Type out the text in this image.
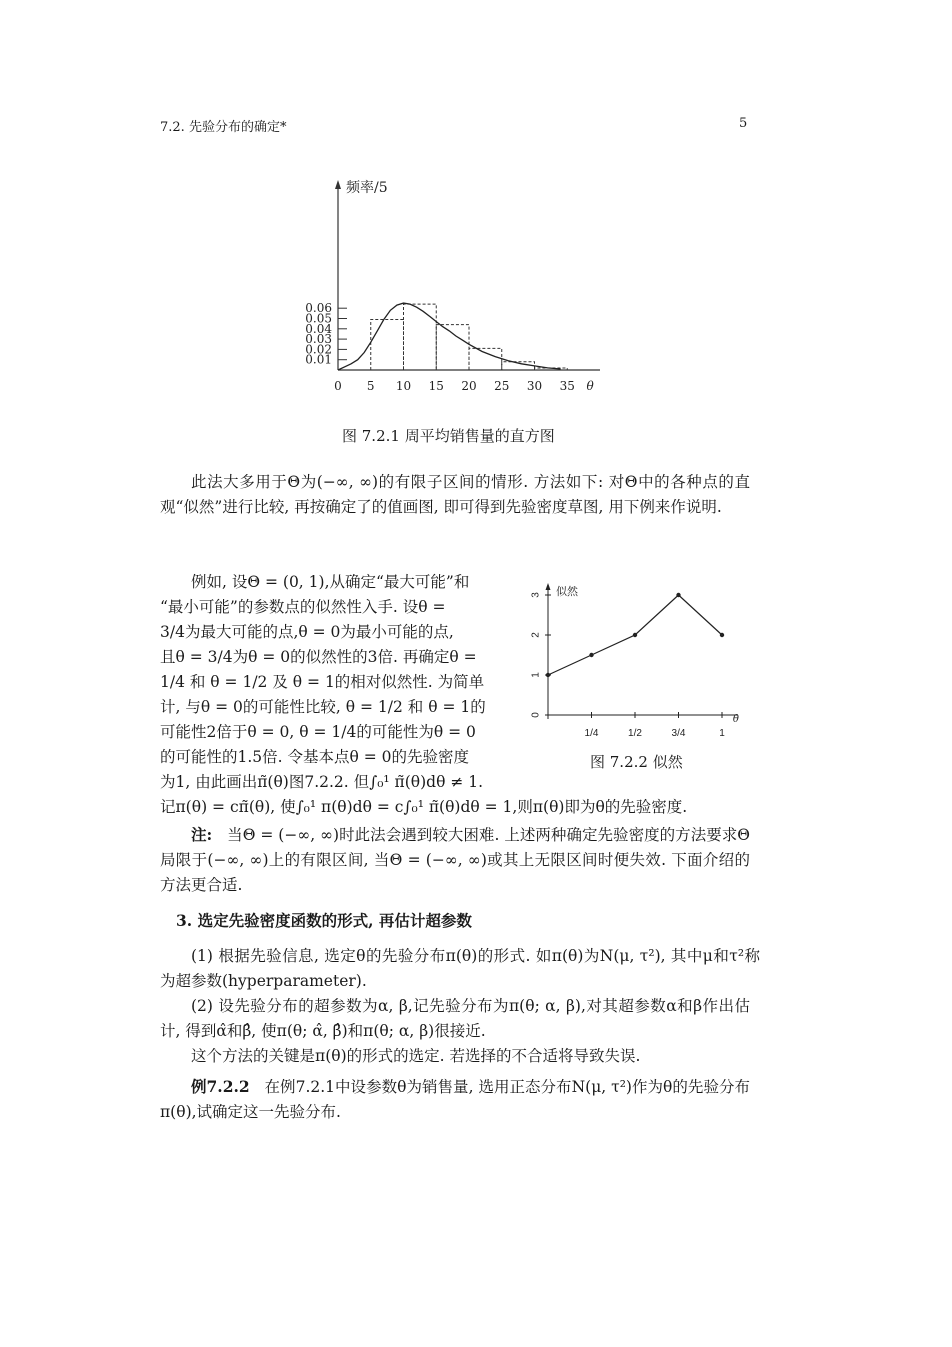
7.2. 先验分布的确定*	5
频率/5
0.01
0.02
0.03
0.04
0.05
0.06
0 5 10 15 20 25 30 35 θ
图 7.2.1 周平均销售量的直方图
此法大多用于Θ为(−∞, ∞)的有限子区间的情形. 方法如下: 对Θ中的各种点的直观“似然”进行比较, 再按确定了的值画图, 即可得到先验密度草图, 用下例来作说明.
例如, 设Θ = (0, 1),从确定“最大可能”和
“最小可能”的参数点的似然性入手. 设θ =
3/4为最大可能的点,θ = 0为最小可能的点,
且θ = 3/4为θ = 0的似然性的3倍. 再确定θ =
1/4 和 θ = 1/2 及 θ = 1的相对似然性. 为简单
计, 与θ = 0的可能性比较, θ = 1/2 和 θ = 1的
可能性2倍于θ = 0, θ = 1/4的可能性为θ = 0
的可能性的1.5倍. 令基本点θ = 0的先验密度
为1, 由此画出π̃(θ)图7.2.2. 但∫₀¹ π̃(θ)dθ ≠ 1.
记π(θ) = cπ̃(θ), 使∫₀¹ π(θ)dθ = c∫₀¹ π̃(θ)dθ = 1,则π(θ)即为θ的先验密度.
似然
0
1
2
3
1/4	1/2	3/4	1
θ
图 7.2.2 似然
注: 当Θ = (−∞, ∞)时此法会遇到较大困难. 上述两种确定先验密度的方法要求Θ局限于(−∞, ∞)上的有限区间, 当Θ = (−∞, ∞)或其上无限区间时便失效. 下面介绍的方法更合适.
3. 选定先验密度函数的形式, 再估计超参数
(1) 根据先验信息, 选定θ的先验分布π(θ)的形式. 如π(θ)为N(μ, τ²), 其中μ和τ²称为超参数(hyperparameter).
(2) 设先验分布的超参数为α, β,记先验分布为π(θ; α, β),对其超参数α和β作出估计, 得到α̂和β̂, 使π(θ; α̂, β̂)和π(θ; α, β)很接近.
这个方法的关键是π(θ)的形式的选定. 若选择的不合适将导致失误.
例7.2.2 在例7.2.1中设参数θ为销售量, 选用正态分布N(μ, τ²)作为θ的先验分布π(θ),试确定这一先验分布.
